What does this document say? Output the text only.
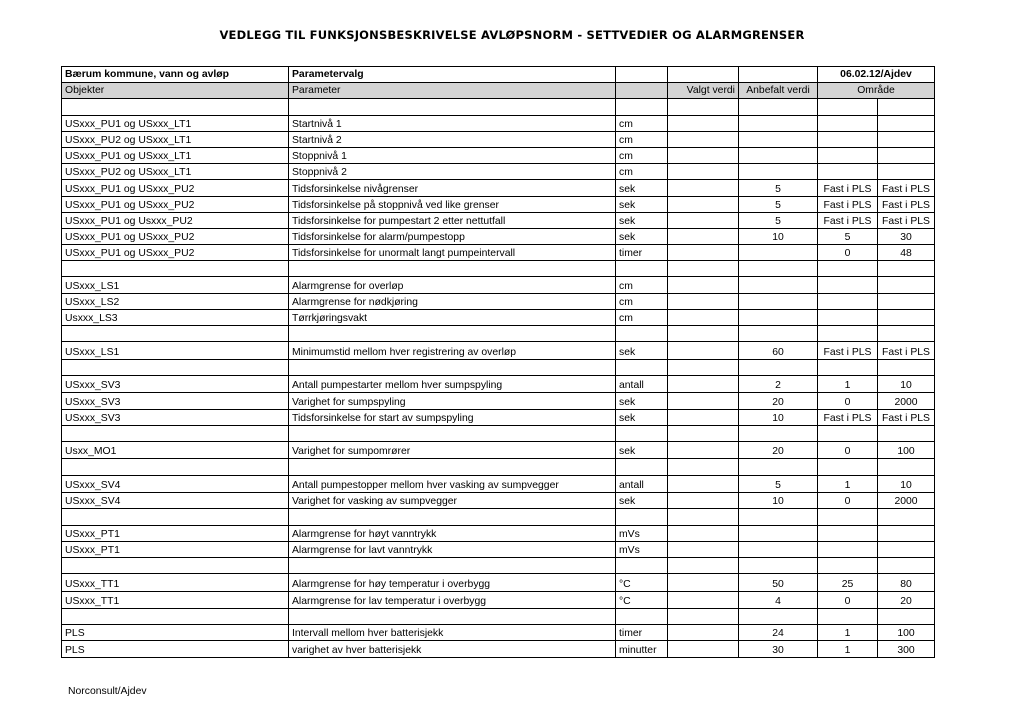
VEDLEGG TIL FUNKSJONSBESKRIVELSE AVLØPSNORM - SETTVEDIER OG ALARMGRENSER
Bærum kommune, vann og avløp	Parametervalg				06.02.12/Ajdev	
Objekter	Parameter		Valgt verdi	Anbefalt verdi	Område	

USxxx_PU1 og USxxx_LT1	Startnivå 1	cm				
USxxx_PU2 og USxxx_LT1	Startnivå 2	cm				
USxxx_PU1 og USxxx_LT1	Stoppnivå 1	cm				
USxxx_PU2 og USxxx_LT1	Stoppnivå 2	cm				
USxxx_PU1 og USxxx_PU2	Tidsforsinkelse nivågrenser	sek		5	Fast i PLS	Fast i PLS
USxxx_PU1 og USxxx_PU2	Tidsforsinkelse på stoppnivå ved like grenser	sek		5	Fast i PLS	Fast i PLS
USxxx_PU1 og Usxxx_PU2	Tidsforsinkelse for pumpestart 2 etter nettutfall	sek		5	Fast i PLS	Fast i PLS
USxxx_PU1 og USxxx_PU2	Tidsforsinkelse for alarm/pumpestopp	sek		10	5	30
USxxx_PU1 og USxxx_PU2	Tidsforsinkelse for unormalt langt pumpeintervall	timer			0	48

USxxx_LS1	Alarmgrense for overløp	cm				
USxxx_LS2	Alarmgrense for nødkjøring	cm				
Usxxx_LS3	Tørrkjøringsvakt	cm				

USxxx_LS1	Minimumstid mellom hver registrering av overløp	sek		60	Fast i PLS	Fast i PLS

USxxx_SV3	Antall pumpestarter mellom hver sumpspyling	antall		2	1	10
USxxx_SV3	Varighet for sumpspyling	sek		20	0	2000
USxxx_SV3	Tidsforsinkelse for start av sumpspyling	sek		10	Fast i PLS	Fast i PLS

Usxx_MO1	Varighet for sumpomrører	sek		20	0	100

USxxx_SV4	Antall pumpestopper mellom hver vasking av sumpvegger	antall		5	1	10
USxxx_SV4	Varighet for vasking av sumpvegger	sek		10	0	2000

USxxx_PT1	Alarmgrense for høyt vanntrykk	mVs				
USxxx_PT1	Alarmgrense for lavt vanntrykk	mVs				

USxxx_TT1	Alarmgrense for høy temperatur i overbygg	°C		50	25	80
USxxx_TT1	Alarmgrense for lav temperatur i overbygg	°C		4	0	20

PLS	Intervall mellom hver batterisjekk	timer		24	1	100
PLS	varighet av hver batterisjekk	minutter		30	1	300
Norconsult/Ajdev
